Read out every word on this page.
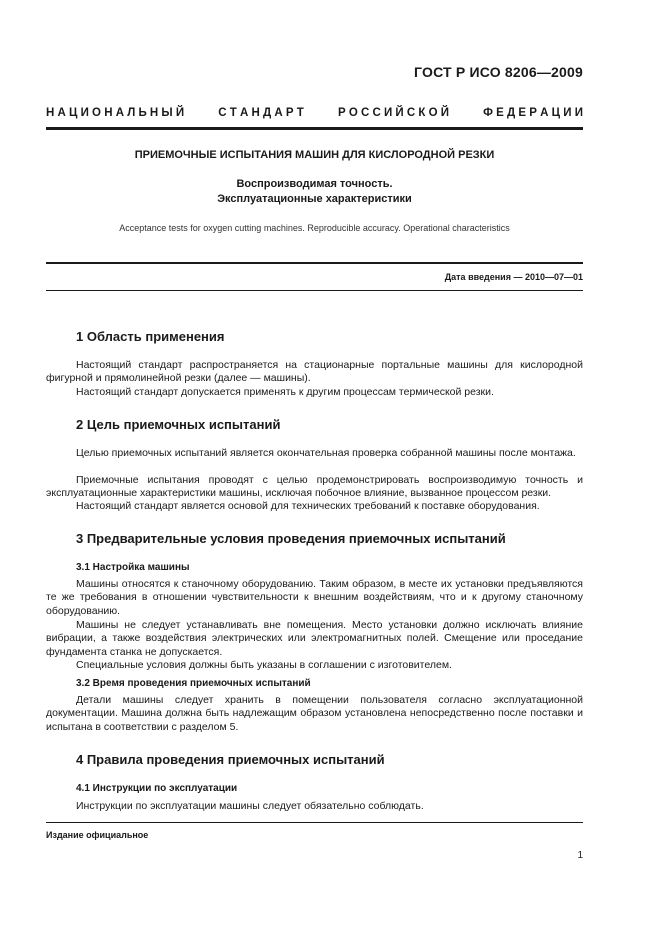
ГОСТ Р ИСО 8206—2009
Н А Ц И О Н А Л Ь Н Ы Й	С Т А Н Д А Р Т	Р О С С И Й С К О Й	Ф Е Д Е Р А Ц И И
ПРИЕМОЧНЫЕ ИСПЫТАНИЯ МАШИН ДЛЯ КИСЛОРОДНОЙ РЕЗКИ
Воспроизводимая точность.
Эксплуатационные характеристики
Acceptance tests for oxygen cutting machines. Reproducible accuracy. Operational characteristics
Дата введения — 2010—07—01
1 Область применения
Настоящий стандарт распространяется на стационарные портальные машины для кислородной фигурной и прямолинейной резки (далее — машины).
Настоящий стандарт допускается применять к другим процессам термической резки.
2 Цель приемочных испытаний
Целью приемочных испытаний является окончательная проверка собранной машины после монтажа.
Приемочные испытания проводят с целью продемонстрировать воспроизводимую точность и эксплуатационные характеристики машины, исключая побочное влияние, вызванное процессом резки.
Настоящий стандарт является основой для технических требований к поставке оборудования.
3 Предварительные условия проведения приемочных испытаний
3.1 Настройка машины
Машины относятся к станочному оборудованию. Таким образом, в месте их установки предъявляются те же требования в отношении чувствительности к внешним воздействиям, что и к другому станочному оборудованию.
Машины не следует устанавливать вне помещения. Место установки должно исключать влияние вибрации, а также воздействия электрических или электромагнитных полей. Смещение или проседание фундамента станка не допускается.
Специальные условия должны быть указаны в соглашении с изготовителем.
3.2 Время проведения приемочных испытаний
Детали машины следует хранить в помещении пользователя согласно эксплуатационной документации. Машина должна быть надлежащим образом установлена непосредственно после поставки и испытана в соответствии с разделом 5.
4 Правила проведения приемочных испытаний
4.1 Инструкции по эксплуатации
Инструкции по эксплуатации машины следует обязательно соблюдать.
Издание официальное
1
